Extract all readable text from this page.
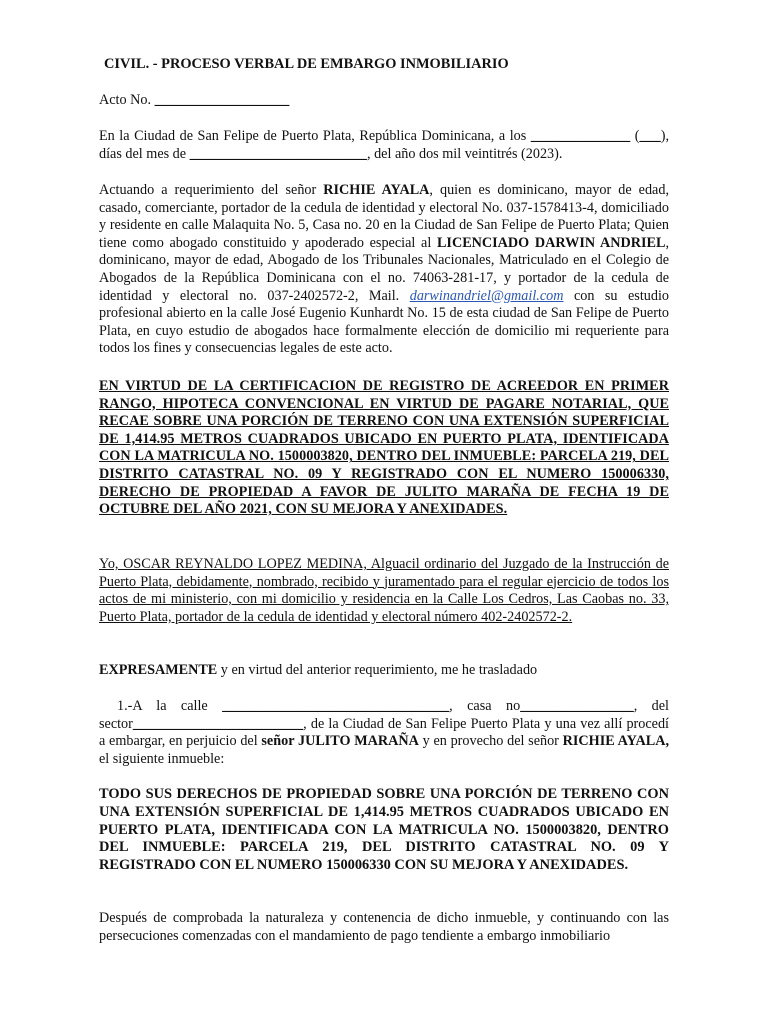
CIVIL. - PROCESO VERBAL DE EMBARGO INMOBILIARIO
Acto No. ___________________
En la Ciudad de San Felipe de Puerto Plata, República Dominicana, a los ______________ (___), días del mes de _________________________, del año dos mil veintitrés (2023).
Actuando a requerimiento del señor RICHIE AYALA, quien es dominicano, mayor de edad, casado, comerciante, portador de la cedula de identidad y electoral No. 037-1578413-4, domiciliado y residente en calle Malaquita No. 5, Casa no. 20 en la Ciudad de San Felipe de Puerto Plata; Quien tiene como abogado constituido y apoderado especial al LICENCIADO DARWIN ANDRIEL, dominicano, mayor de edad, Abogado de los Tribunales Nacionales, Matriculado en el Colegio de Abogados de la República Dominicana con el no. 74063-281-17, y portador de la cedula de identidad y electoral no. 037-2402572-2, Mail. darwinandriel@gmail.com con su estudio profesional abierto en la calle José Eugenio Kunhardt No. 15 de esta ciudad de San Felipe de Puerto Plata, en cuyo estudio de abogados hace formalmente elección de domicilio mi requeriente para todos los fines y consecuencias legales de este acto.
EN VIRTUD DE LA CERTIFICACION DE REGISTRO DE ACREEDOR EN PRIMER RANGO, HIPOTECA CONVENCIONAL EN VIRTUD DE PAGARE NOTARIAL, QUE RECAE SOBRE UNA PORCIÓN DE TERRENO CON UNA EXTENSIÓN SUPERFICIAL DE 1,414.95 METROS CUADRADOS UBICADO EN PUERTO PLATA, IDENTIFICADA CON LA MATRICULA NO. 1500003820, DENTRO DEL INMUEBLE: PARCELA 219, DEL DISTRITO CATASTRAL NO. 09 Y REGISTRADO CON EL NUMERO 150006330, DERECHO DE PROPIEDAD A FAVOR DE JULITO MARAÑA DE FECHA 19 DE OCTUBRE DEL AÑO 2021, CON SU MEJORA Y ANEXIDADES.
Yo, OSCAR REYNALDO LOPEZ MEDINA, Alguacil ordinario del Juzgado de la Instrucción de Puerto Plata, debidamente, nombrado, recibido y juramentado para el regular ejercicio de todos los actos de mi ministerio, con mi domicilio y residencia en la Calle Los Cedros, Las Caobas no. 33, Puerto Plata, portador de la cedula de identidad y electoral número 402-2402572-2.
EXPRESAMENTE y en virtud del anterior requerimiento, me he trasladado
1.-A la calle ________________________________, casa no________________, del sector________________________, de la Ciudad de San Felipe Puerto Plata y una vez allí procedí a embargar, en perjuicio del señor JULITO MARAÑA y en provecho del señor RICHIE AYALA, el siguiente inmueble:
TODO SUS DERECHOS DE PROPIEDAD SOBRE UNA PORCIÓN DE TERRENO CON UNA EXTENSIÓN SUPERFICIAL DE 1,414.95 METROS CUADRADOS UBICADO EN PUERTO PLATA, IDENTIFICADA CON LA MATRICULA NO. 1500003820, DENTRO DEL INMUEBLE: PARCELA 219, DEL DISTRITO CATASTRAL NO. 09 Y REGISTRADO CON EL NUMERO 150006330 CON SU MEJORA Y ANEXIDADES.
Después de comprobada la naturaleza y contenencia de dicho inmueble, y continuando con las persecuciones comenzadas con el mandamiento de pago tendiente a embargo inmobiliario
